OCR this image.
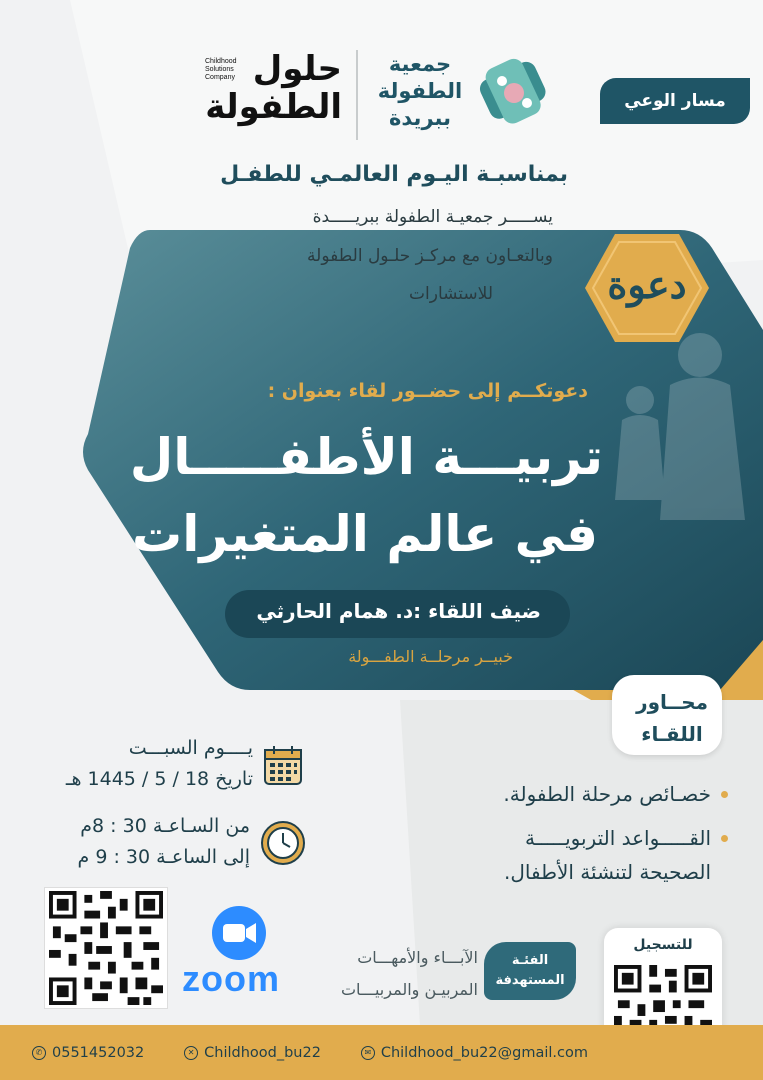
مسار الوعي
جمعية
الطفولة
ببريدة
حلول
الطفولة
Childhood
Solutions
Company
بمناسبـة اليـوم العالمـي للطفـل
يســـــر جمعيـة الطفولة ببريـــــدة
وبالتعـاون مع مركـز حلـول الطفولة
للاستشارات	دعوة
دعوتكــم إلى حضــور لقاء بعنوان :
تربيـــة الأطفـــــال
في عالم المتغيرات
ضيف اللقاء :د. همام الحارثي
خبيــر مرحلــة الطفـــولة
محــاور
اللقـاء
خصـائص مرحلة الطفولة.
القـــــواعد التربويـــــة
الصحيحة لتنشئة الأطفال.
يــــوم السبـــت
تاريخ 18 / 5 / 1445 هـ
من السـاعـة 30 : 8م
إلى الساعـة 30 : 9 م
zoom
الآبـــاء والأمهـــات
المربيـن والمربيـــات
الفئـة
المستهدفة
للتسجيل
✆ 0551452032	✕ Childhood_bu22	✉ Childhood_bu22@gmail.com
